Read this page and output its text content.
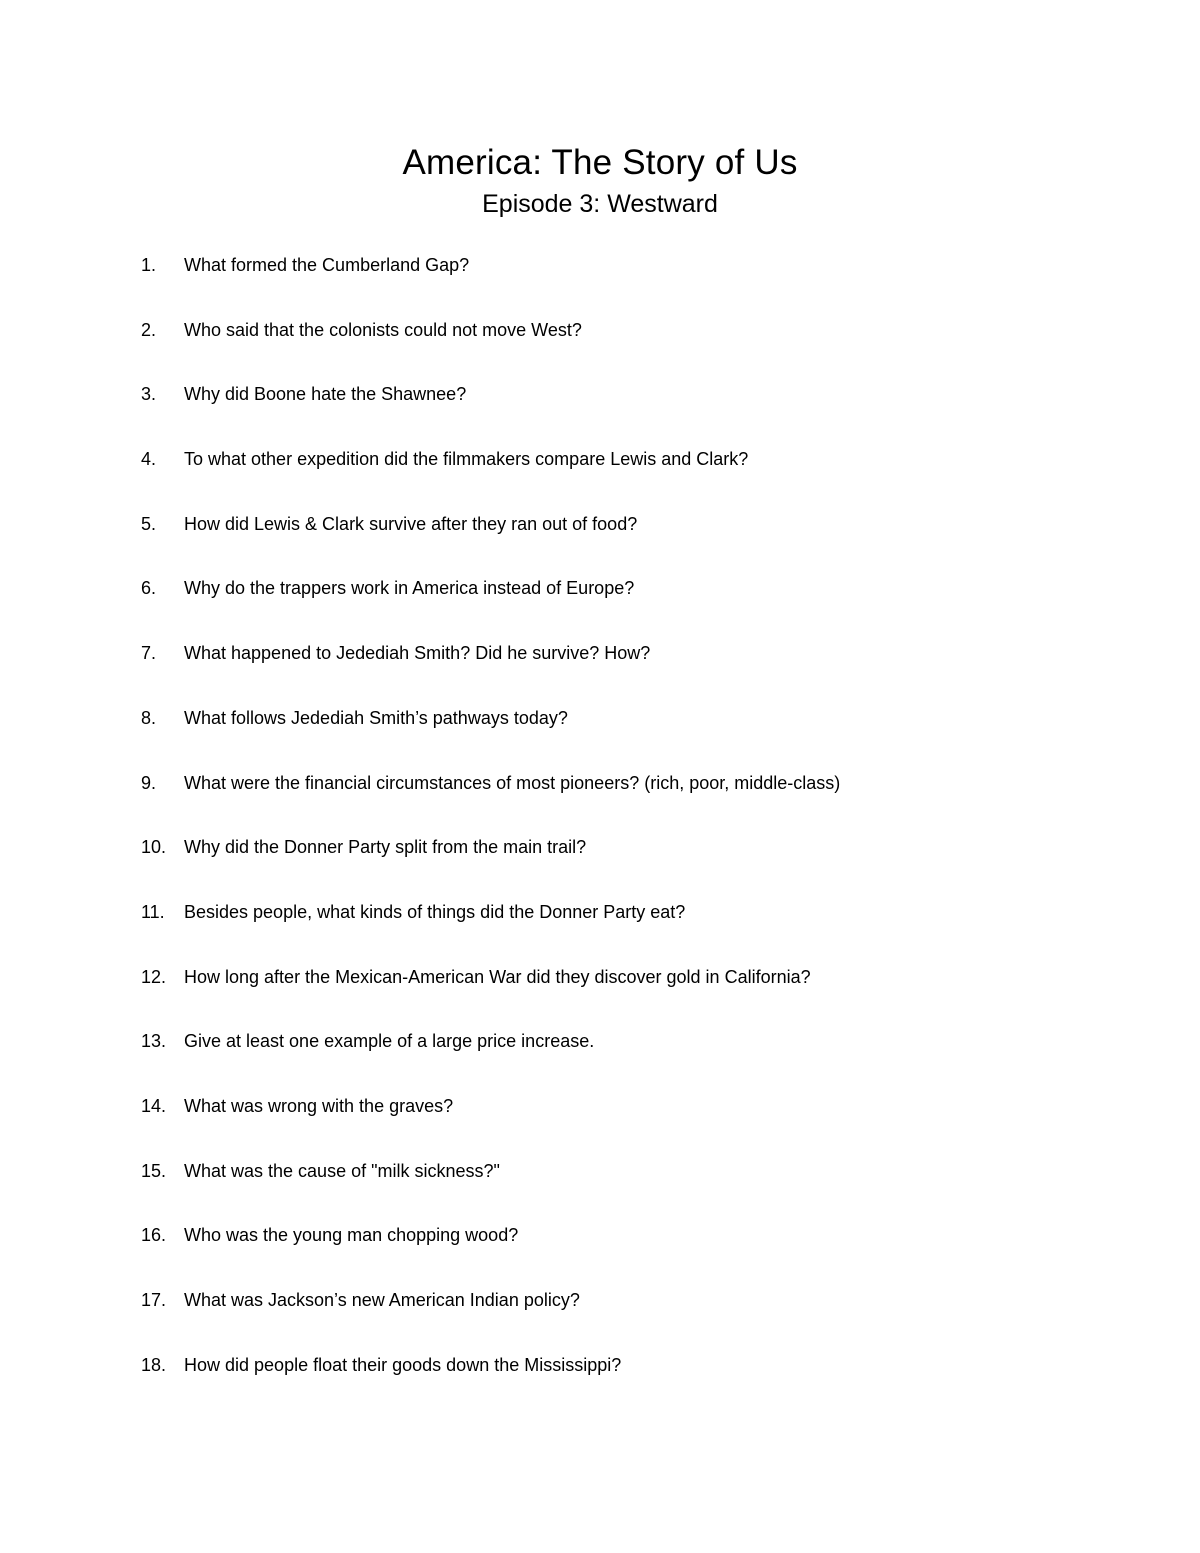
America: The Story of Us
Episode 3: Westward
1.	What formed the Cumberland Gap?
2.	Who said that the colonists could not move West?
3.	Why did Boone hate the Shawnee?
4.	To what other expedition did the filmmakers compare Lewis and Clark?
5.	How did Lewis & Clark survive after they ran out of food?
6.	Why do the trappers work in America instead of Europe?
7.	What happened to Jedediah Smith? Did he survive? How?
8.	What follows Jedediah Smith’s pathways today?
9.	What were the financial circumstances of most pioneers? (rich, poor, middle-class)
10. Why did the Donner Party split from the main trail?
11.	Besides people, what kinds of things did the Donner Party eat?
12. How long after the Mexican-American War did they discover gold in California?
13. Give at least one example of a large price increase.
14. What was wrong with the graves?
15. What was the cause of "milk sickness?"
16. Who was the young man chopping wood?
17. What was Jackson’s new American Indian policy?
18. How did people float their goods down the Mississippi?
